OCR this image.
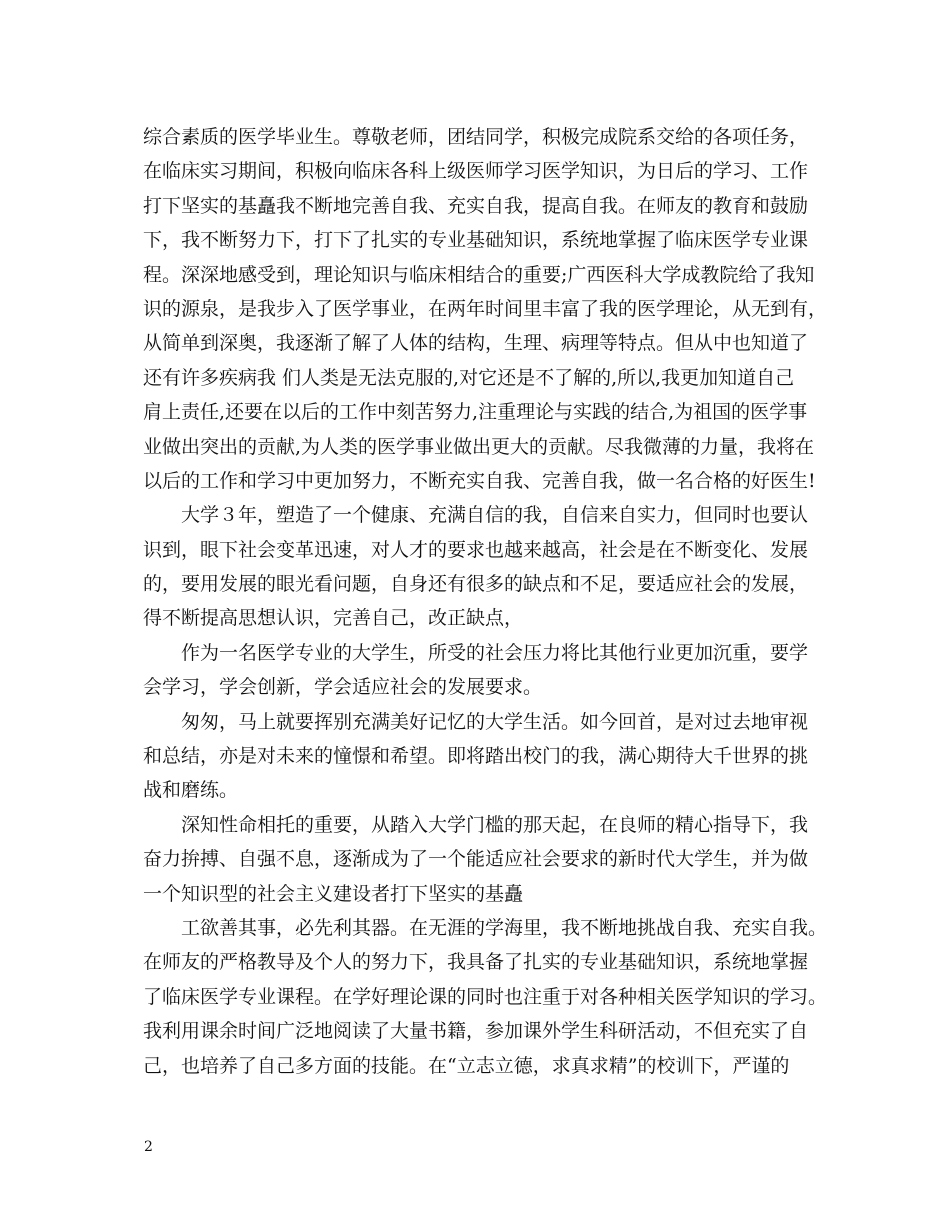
综合素质的医学毕业生。尊敬老师，团结同学，积极完成院系交给的各项任务，
在临床实习期间，积极向临床各科上级医师学习医学知识，为日后的学习、工作
打下坚实的基矗我不断地完善自我、充实自我，提高自我。在师友的教育和鼓励
下，我不断努力下，打下了扎实的专业基础知识，系统地掌握了临床医学专业课
程。深深地感受到，理论知识与临床相结合的重要;广西医科大学成教院给了我知
识的源泉，是我步入了医学事业，在两年时间里丰富了我的医学理论，从无到有，
从简单到深奥，我逐渐了解了人体的结构，生理、病理等特点。但从中也知道了
还有许多疾病我 们人类是无法克服的,对它还是不了解的,所以,我更加知道自己
肩上责任,还要在以后的工作中刻苦努力,注重理论与实践的结合,为祖国的医学事
业做出突出的贡献,为人类的医学事业做出更大的贡献。尽我微薄的力量，我将在
以后的工作和学习中更加努力，不断充实自我、完善自我，做一名合格的好医生!
　　大学３年，塑造了一个健康、充满自信的我，自信来自实力，但同时也要认
识到，眼下社会变革迅速，对人才的要求也越来越高，社会是在不断变化、发展
的，要用发展的眼光看问题，自身还有很多的缺点和不足，要适应社会的发展，
得不断提高思想认识，完善自己，改正缺点，
　　作为一名医学专业的大学生，所受的社会压力将比其他行业更加沉重，要学
会学习，学会创新，学会适应社会的发展要求。
　　匆匆，马上就要挥别充满美好记忆的大学生活。如今回首，是对过去地审视
和总结，亦是对未来的憧憬和希望。即将踏出校门的我，满心期待大千世界的挑
战和磨练。
　　深知性命相托的重要，从踏入大学门槛的那天起，在良师的精心指导下，我
奋力拚搏、自强不息，逐渐成为了一个能适应社会要求的新时代大学生，并为做
一个知识型的社会主义建设者打下坚实的基矗
　　工欲善其事，必先利其器。在无涯的学海里，我不断地挑战自我、充实自我。
在师友的严格教导及个人的努力下，我具备了扎实的专业基础知识，系统地掌握
了临床医学专业课程。在学好理论课的同时也注重于对各种相关医学知识的学习。
我利用课余时间广泛地阅读了大量书籍，参加课外学生科研活动，不但充实了自
己，也培养了自己多方面的技能。在“立志立德，求真求精”的校训下，严谨的
2
